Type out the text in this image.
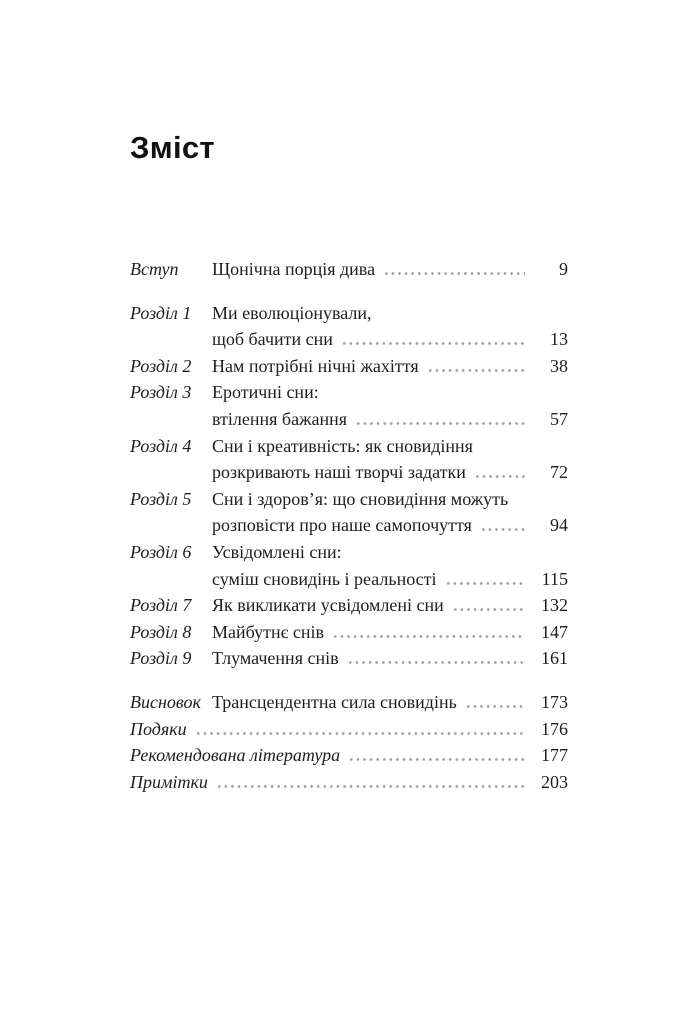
Зміст
Вступ	Щонічна порція дива	9
Розділ 1	Ми еволюціонували,
щоб бачити сни	13
Розділ 2	Нам потрібні нічні жахіття	38
Розділ 3	Еротичні сни:
втілення бажання	57
Розділ 4	Сни і креативність: як сновидіння
розкривають наші творчі задатки	72
Розділ 5	Сни і здоров’я: що сновидіння можуть
розповісти про наше самопочуття	94
Розділ 6	Усвідомлені сни:
суміш сновидінь і реальності	115
Розділ 7	Як викликати усвідомлені сни	132
Розділ 8	Майбутнє снів	147
Розділ 9	Тлумачення снів	161
Висновок Трансцендентна сила сновидінь	173
Подяки	176
Рекомендована література	177
Примітки	203
